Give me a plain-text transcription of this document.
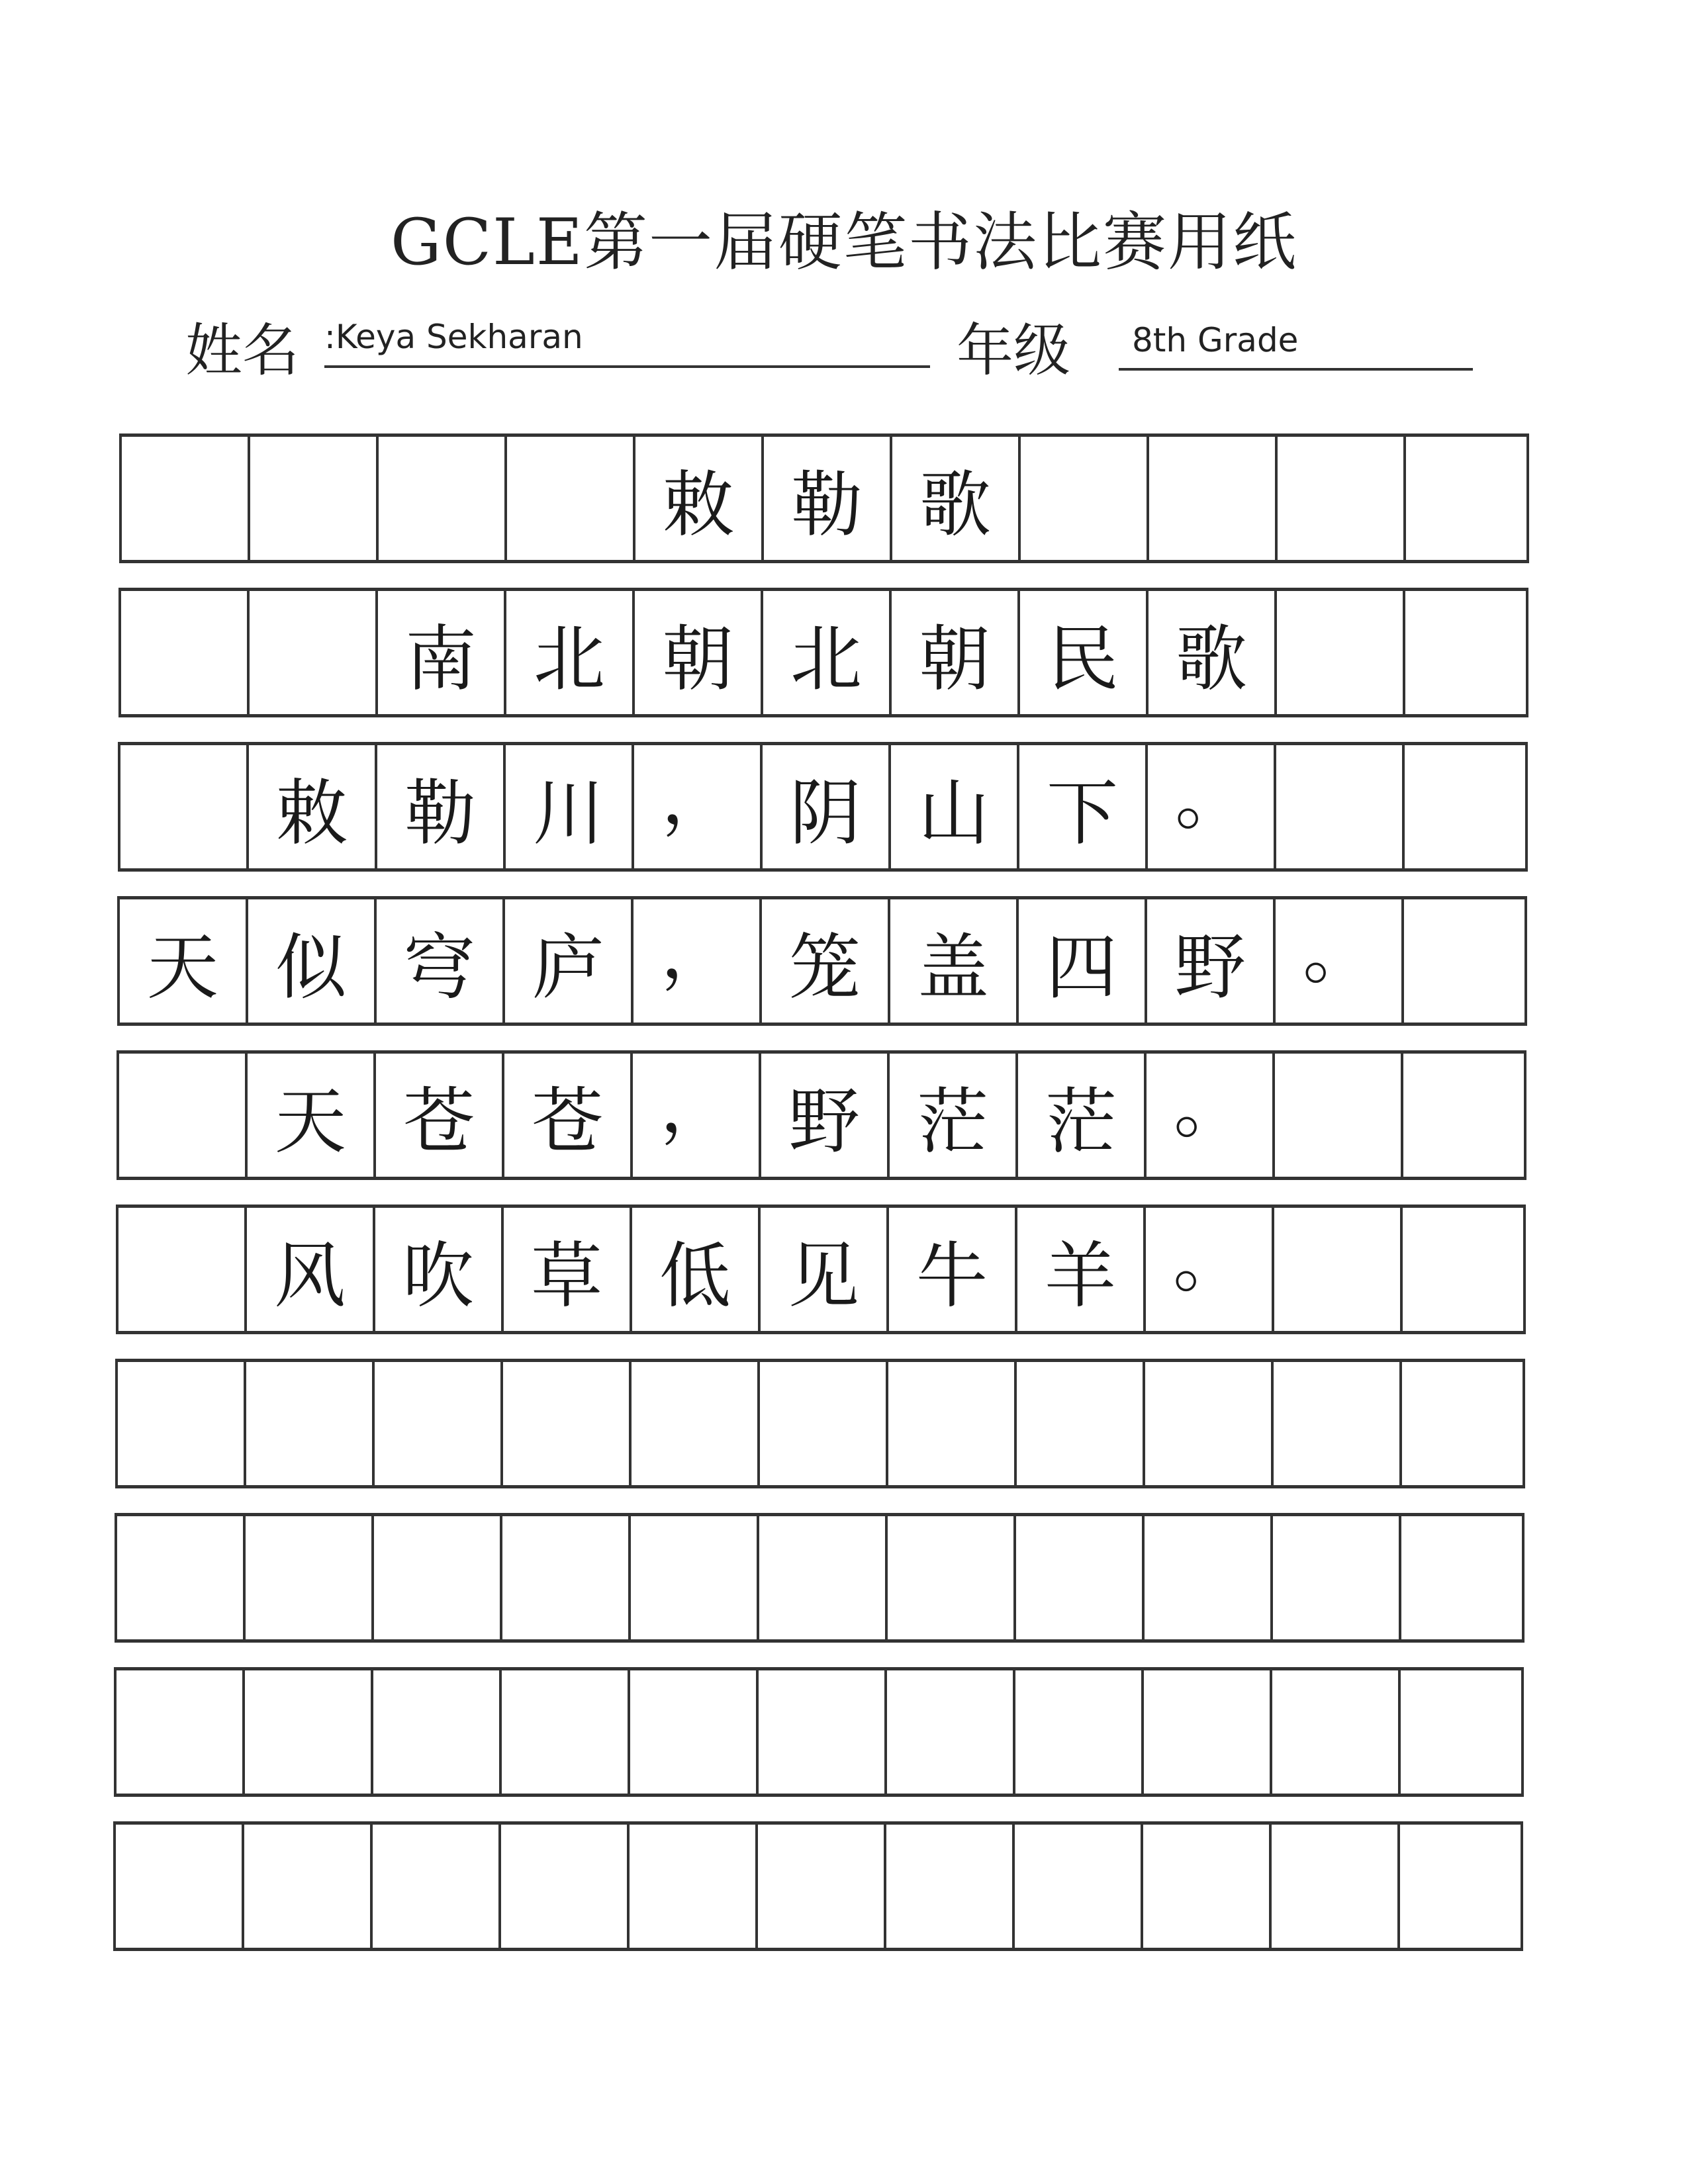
GCLE第一届硬笔书法比赛用纸
姓名 :Keya Sekharan	年级 8th Grade
敕 勒 歌
南 北 朝 北 朝 民 歌
敕 勒 川 ， 阴 山 下 。
天 似 穹 庐 ， 笼 盖 四 野 。
天 苍 苍 ， 野 茫 茫 。
风 吹 草 低 见 牛 羊 。
